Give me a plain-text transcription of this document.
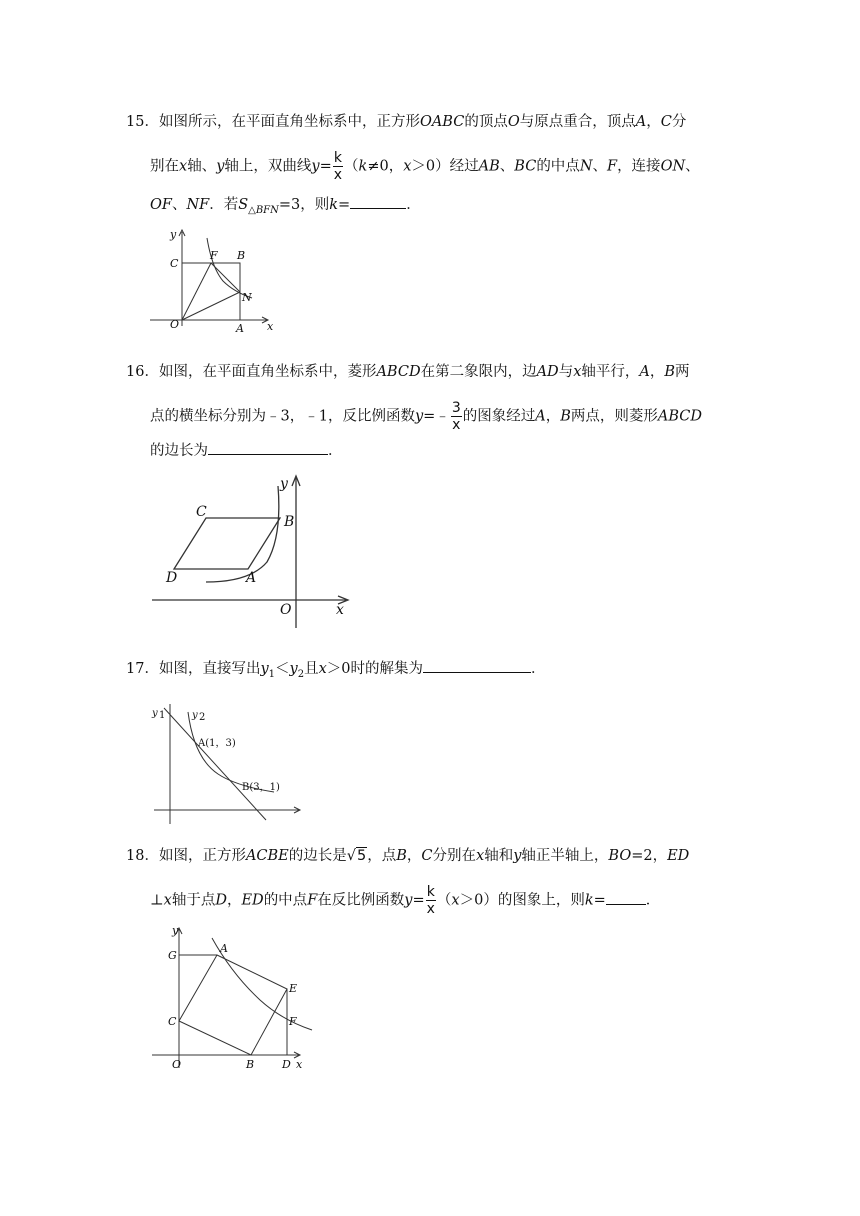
15．如图所示，在平面直角坐标系中，正方形OABC的顶点O与原点重合，顶点A，C分
别在x轴、y轴上，双曲线$y= \frac{k}{x} (k\ne 0$，x＞0）经过AB、BC的中点N、F，连接ON、
OF、NF．若$S_{\triangle BFN}=3$，则k=	．
y
C
F B
N
O	A x
16．如图，在平面直角坐标系中，菱形ABCD在第二象限内，边AD与x轴平行，A，B两
点的横坐标分别为﹣3，﹣1，反比例函数y=﹣ $\frac{3}{x}$ 的图象经过A，B两点，则菱形ABCD
的边长为	．
y
C
B
D	A
O	x
17．如图，直接写出$y_1<y_2$且x＞0时的解集为	．
y 1	y 2
A(1，3)
B(3，1)
18．如图，正方形ACBE的边长是√5，点B，C分别在x轴和y轴正半轴上，BO=2，ED
⊥x轴于点D，ED的中点F在反比例函数$y= \frac{k}{x} (x>0)$的图象上，则k=	．
y
G
A
E
C	F
O	B	D x
